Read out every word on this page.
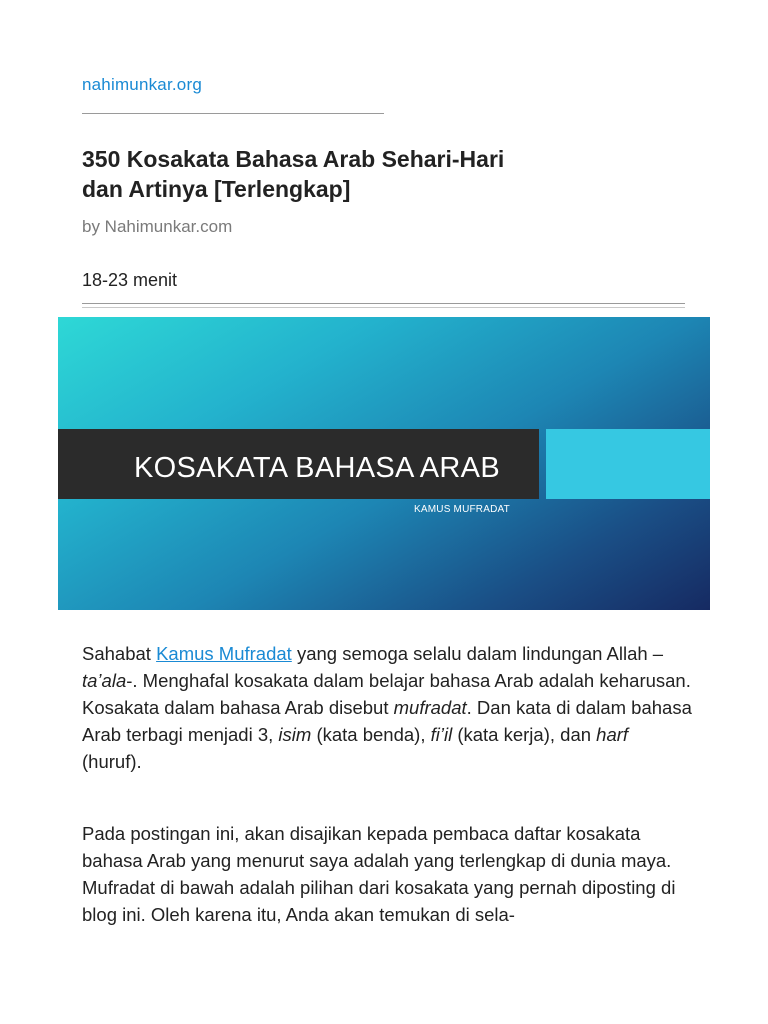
nahimunkar.org
350 Kosakata Bahasa Arab Sehari-Hari
dan Artinya [Terlengkap]
by Nahimunkar.com
18-23 menit
KOSAKATA BAHASA ARAB
KAMUS MUFRADAT

Sahabat Kamus Mufradat yang semoga selalu dalam lindungan Allah –ta’ala-. Menghafal kosakata dalam belajar bahasa Arab adalah keharusan. Kosakata dalam bahasa Arab disebut mufradat. Dan kata di dalam bahasa Arab terbagi menjadi 3, isim (kata benda), fi’il (kata kerja), dan harf (huruf).

Pada postingan ini, akan disajikan kepada pembaca daftar kosakata bahasa Arab yang menurut saya adalah yang terlengkap di dunia maya. Mufradat di bawah adalah pilihan dari kosakata yang pernah diposting di blog ini. Oleh karena itu, Anda akan temukan di sela-
